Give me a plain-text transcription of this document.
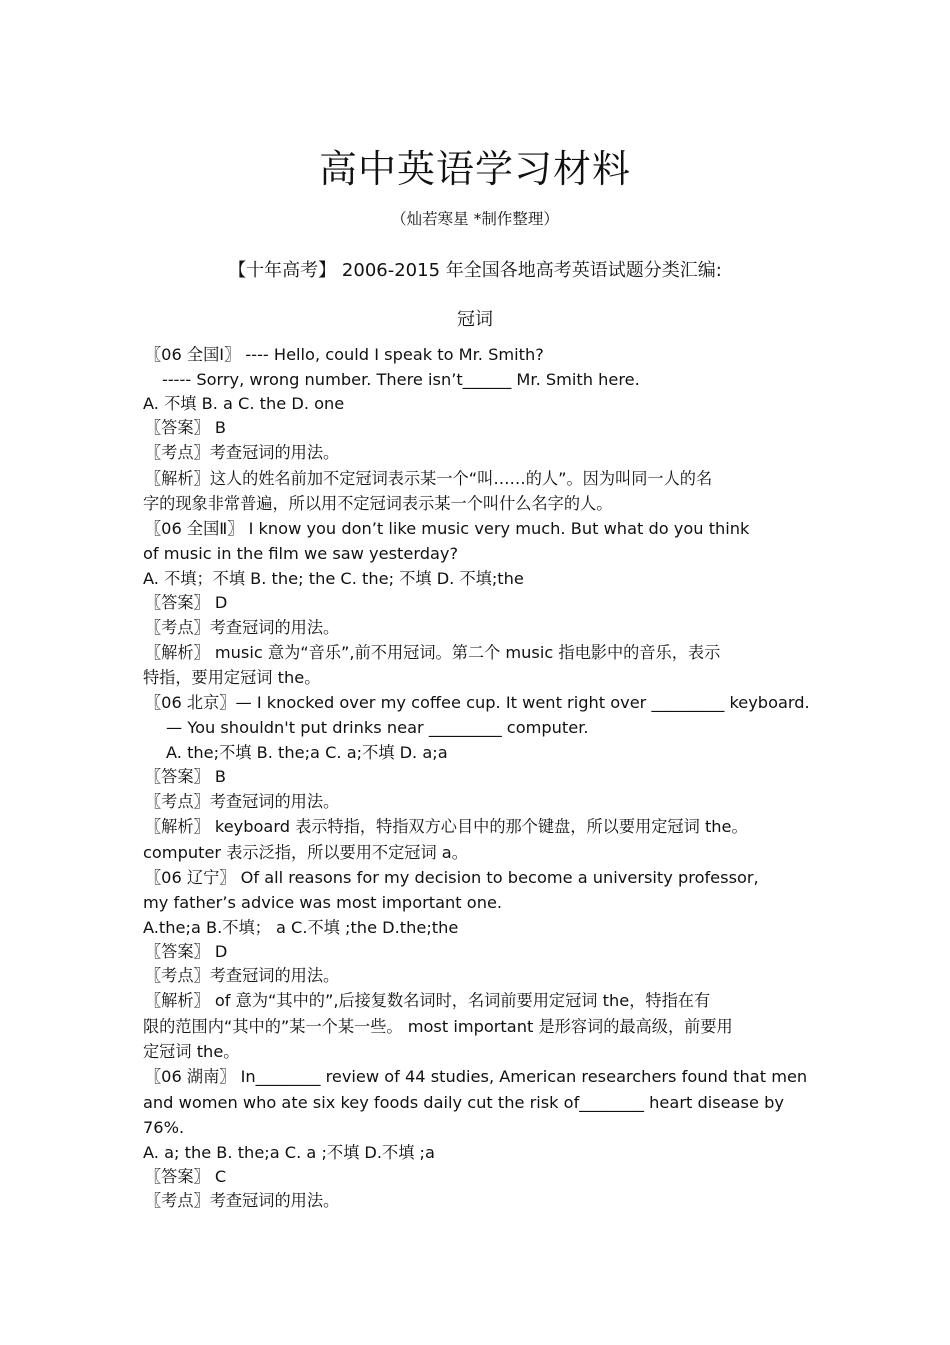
高中英语学习材料
（灿若寒星 *制作整理）
【十年高考】 2006-2015 年全国各地高考英语试题分类汇编:
冠词
〖06 全国Ⅰ〗 ---- Hello, could I speak to Mr. Smith?
----- Sorry, wrong number. There isn’t______ Mr. Smith here.
A. 不填 B. a C. the D. one
〖答案〗 B
〖考点〗考查冠词的用法。
〖解析〗这人的姓名前加不定冠词表示某一个“叫……的人”。因为叫同一人的名
字的现象非常普遍，所以用不定冠词表示某一个叫什么名字的人。
〖06 全国Ⅱ〗 I know you don’t like music very much. But what do you think
of music in the film we saw yesterday?
A. 不填；不填 B. the; the C. the; 不填 D. 不填;the
〖答案〗 D
〖考点〗考查冠词的用法。
〖解析〗 music 意为“音乐”,前不用冠词。第二个 music 指电影中的音乐，表示
特指，要用定冠词 the。
〖06 北京〗— I knocked over my coffee cup. It went right over _________ keyboard.
— You shouldn't put drinks near _________ computer.
A. the;不填 B. the;a C. a;不填 D. a;a
〖答案〗 B
〖考点〗考查冠词的用法。
〖解析〗 keyboard 表示特指，特指双方心目中的那个键盘，所以要用定冠词 the。
computer 表示泛指，所以要用不定冠词 a。
〖06 辽宁〗 Of all reasons for my decision to become a university professor,
my father’s advice was most important one.
A.the;a B.不填； a C.不填 ;the D.the;the
〖答案〗 D
〖考点〗考查冠词的用法。
〖解析〗 of 意为“其中的”,后接复数名词时，名词前要用定冠词 the，特指在有
限的范围内“其中的”某一个某一些。 most important 是形容词的最高级，前要用
定冠词 the。
〖06 湖南〗 In________ review of 44 studies, American researchers found that men
and women who ate six key foods daily cut the risk of________ heart disease by
76%.
A. a; the B. the;a C. a ;不填 D.不填 ;a
〖答案〗 C
〖考点〗考查冠词的用法。
